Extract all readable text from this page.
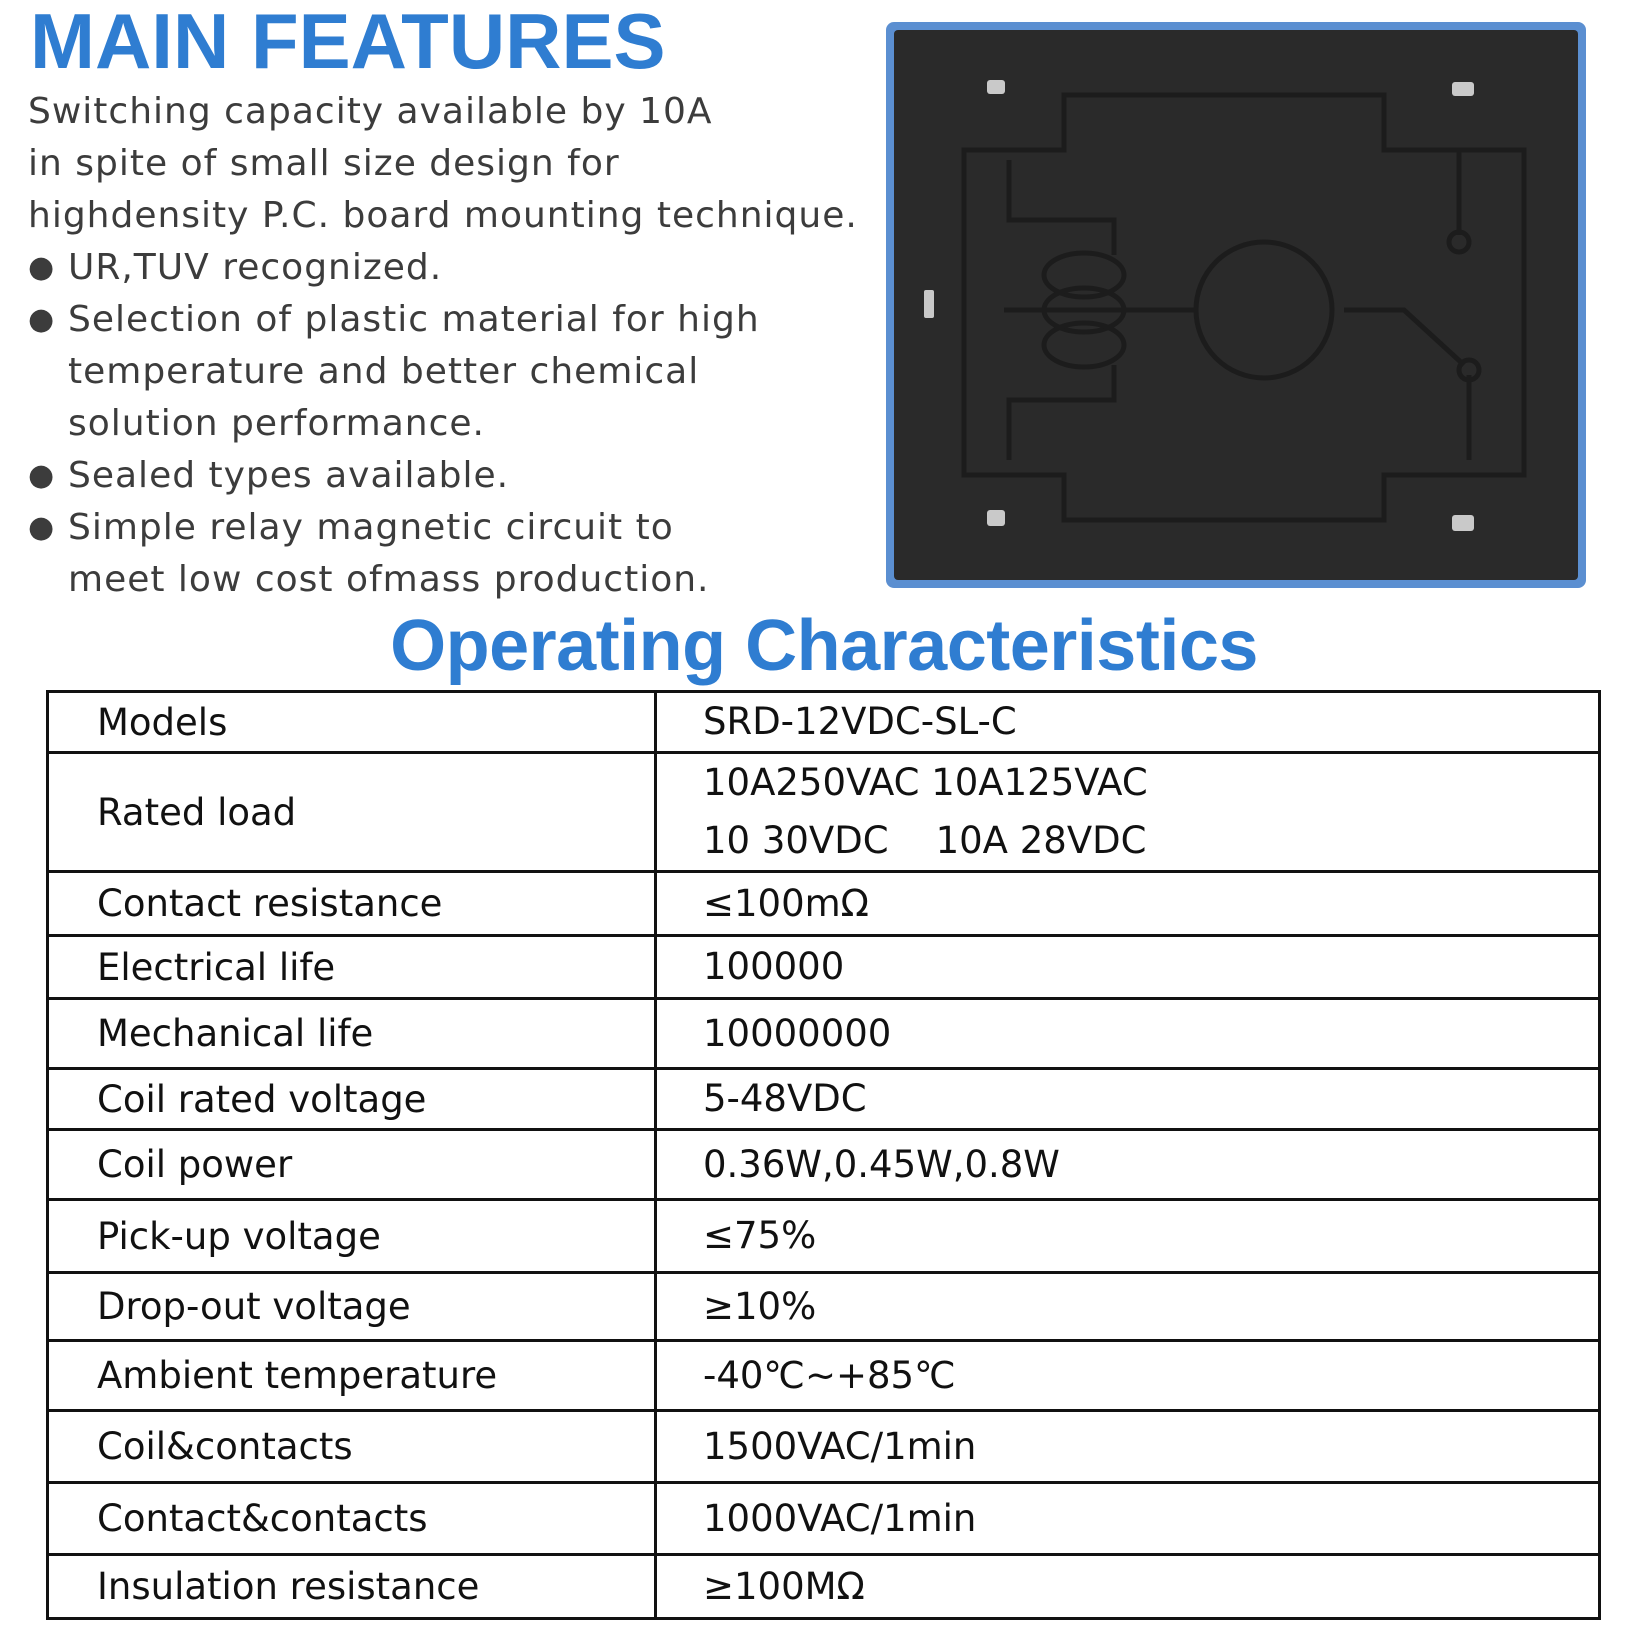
MAIN FEATURES

Switching capacity available by 10A

in spite of small size design for

highdensity P.C. board mounting technique.

● UR,TUV recognized.
● Selection of plastic material for high
temperature and better chemical
solution performance.
● Sealed types available.
● Simple relay magnetic circuit to
meet low cost ofmass production.
Operating Characteristics
Models	SRD-12VDC-SL-C

Rated load	10A250VAC 10A125VAC
10 30VDC    10A 28VDC

Contact resistance	≤100mΩ

Electrical life	100000

Mechanical life	10000000

Coil rated voltage	5-48VDC

Coil power	0.36W,0.45W,0.8W

Pick-up voltage	≤75%

Drop-out voltage	≥10%

Ambient temperature	-40℃~+85℃

Coil&contacts	1500VAC/1min

Contact&contacts	1000VAC/1min

Insulation resistance	≥100MΩ
